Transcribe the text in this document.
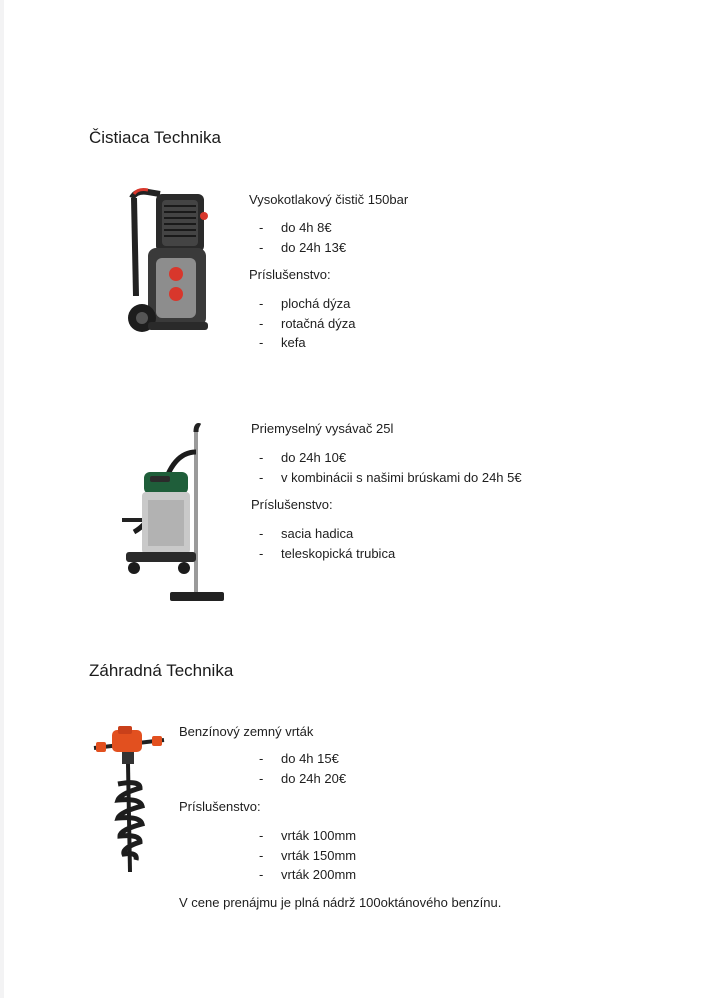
Čistiaca Technika
Vysokotlakový čistič 150bar
- do 4h 8€
- do 24h 13€
Príslušenstvo:
- plochá dýza
- rotačná dýza
- kefa
Priemyselný vysávač 25l
- do 24h 10€
- v kombinácii s našimi brúskami do 24h 5€
Príslušenstvo:
- sacia hadica
- teleskopická trubica
Záhradná Technika
Benzínový zemný vrták
- do 4h 15€
- do 24h 20€
Príslušenstvo:
- vrták 100mm
- vrták 150mm
- vrták 200mm
V cene prenájmu je plná nádrž 100oktánového benzínu.
